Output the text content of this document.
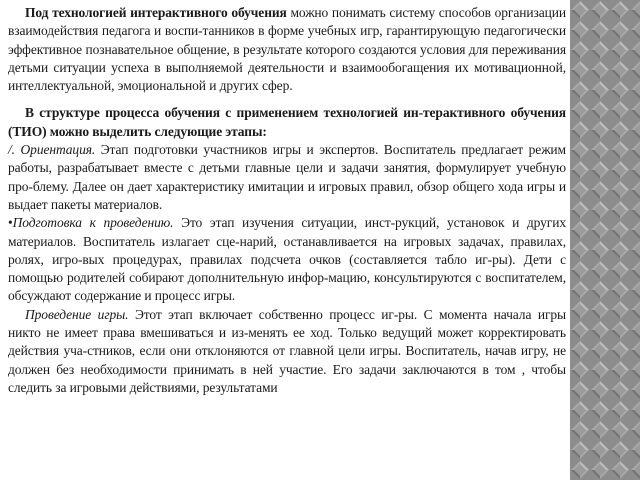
Под технологией интерактивного обучения можно понимать систему способов организации взаимодействия педагога и воспи-танников в форме учебных игр, гарантирующую педагогически эффективное познавательное общение, в результате которого создаются условия для переживания детьми ситуации успеха в выполняемой деятельности и взаимообогащения их мотивационной, интеллектуальной, эмоциональной и других сфер.

В структуре процесса обучения с применением технологией ин-терактивного обучения (ТИО) можно выделить следующие этапы:

/. Ориентация. Этап подготовки участников игры и экспертов. Воспитатель предлагает режим работы, разрабатывает вместе с детьми главные цели и задачи занятия, формулирует учебную про-блему. Далее он дает характеристику имитации и игровых правил, обзор общего хода игры и выдает пакеты материалов.

•Подготовка к проведению. Это этап изучения ситуации, инст-рукций, установок и других материалов. Воспитатель излагает сце-нарий, останавливается на игровых задачах, правилах, ролях, игро-вых процедурах, правилах подсчета очков (составляется табло иг-ры). Дети с помощью родителей собирают дополнительную инфор-мацию, консультируются с воспитателем, обсуждают содержание и процесс игры.

Проведение игры. Этот этап включает собственно процесс иг-ры. С момента начала игры никто не имеет права вмешиваться и из-менять ее ход. Только ведущий может корректировать действия уча-стников, если они отклоняются от главной цели игры. Воспитатель, начав игру, не должен без необходимости принимать в ней участие. Его задачи заключаются в том , чтобы следить за игровыми действиями, результатами
